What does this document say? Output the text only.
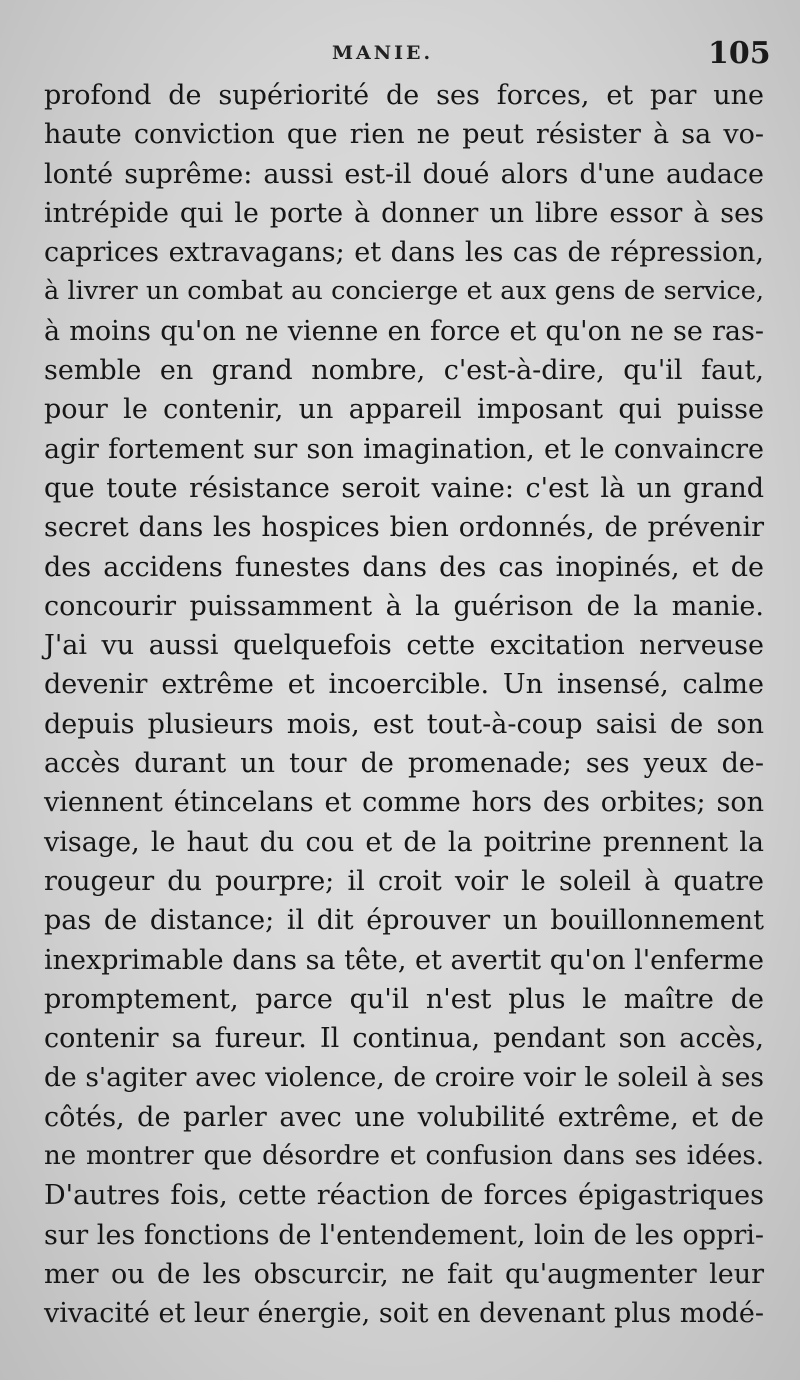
MANIE.	105
profond de supériorité de ses forces, et par une
haute conviction que rien ne peut résister à sa vo-
lonté suprême: aussi est-il doué alors d'une audace
intrépide qui le porte à donner un libre essor à ses
caprices extravagans; et dans les cas de répression,
à livrer un combat au concierge et aux gens de service,
à moins qu'on ne vienne en force et qu'on ne se ras-
semble en grand nombre, c'est-à-dire, qu'il faut,
pour le contenir, un appareil imposant qui puisse
agir fortement sur son imagination, et le convaincre
que toute résistance seroit vaine: c'est là un grand
secret dans les hospices bien ordonnés, de prévenir
des accidens funestes dans des cas inopinés, et de
concourir puissamment à la guérison de la manie.
J'ai vu aussi quelquefois cette excitation nerveuse
devenir extrême et incoercible. Un insensé, calme
depuis plusieurs mois, est tout-à-coup saisi de son
accès durant un tour de promenade; ses yeux de-
viennent étincelans et comme hors des orbites; son
visage, le haut du cou et de la poitrine prennent la
rougeur du pourpre; il croit voir le soleil à quatre
pas de distance; il dit éprouver un bouillonnement
inexprimable dans sa tête, et avertit qu'on l'enferme
promptement, parce qu'il n'est plus le maître de
contenir sa fureur. Il continua, pendant son accès,
de s'agiter avec violence, de croire voir le soleil à ses
côtés, de parler avec une volubilité extrême, et de
ne montrer que désordre et confusion dans ses idées.
D'autres fois, cette réaction de forces épigastriques
sur les fonctions de l'entendement, loin de les oppri-
mer ou de les obscurcir, ne fait qu'augmenter leur
vivacité et leur énergie, soit en devenant plus modé-
